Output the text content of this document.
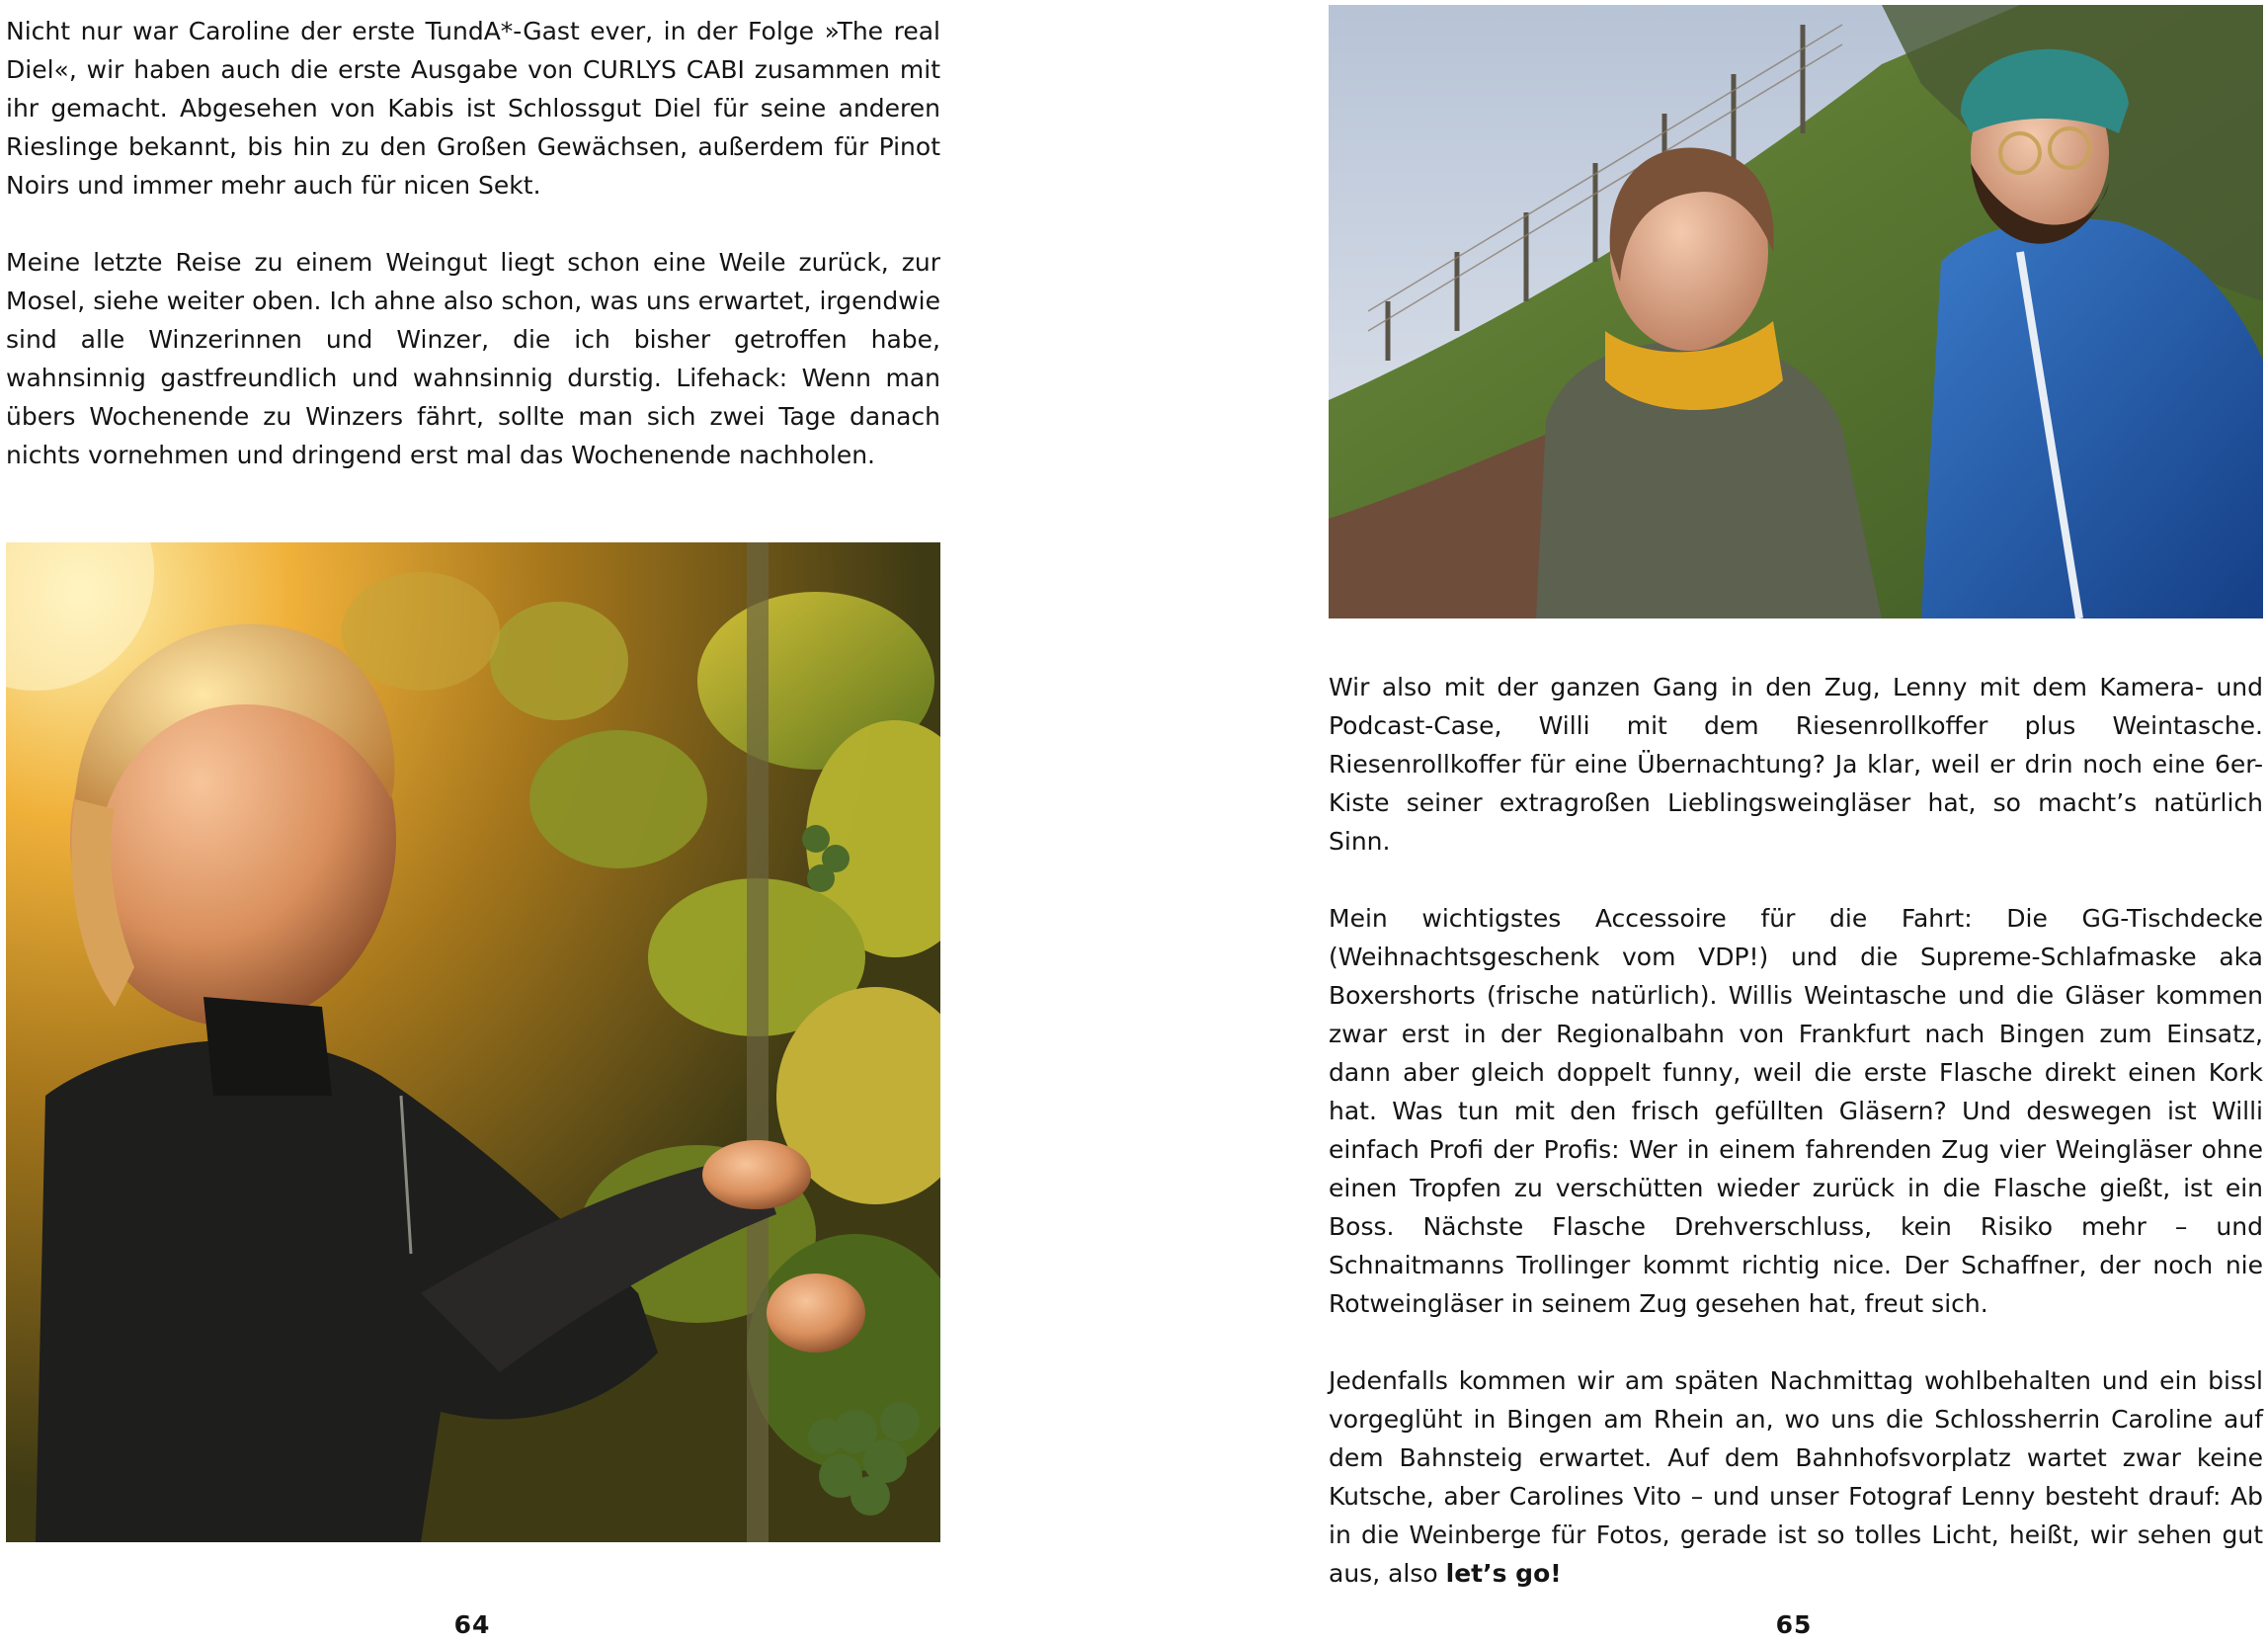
Nicht nur war Caroline der erste TundA*-Gast ever, in der Folge »The real Diel«, wir haben auch die erste Ausgabe von CURLYS CABI zusammen mit ihr gemacht. Abgesehen von Kabis ist Schlossgut Diel für seine anderen Rieslinge bekannt, bis hin zu den Großen Gewächsen, außerdem für Pinot Noirs und immer mehr auch für nicen Sekt.

Meine letzte Reise zu einem Weingut liegt schon eine Weile zurück, zur Mosel, siehe weiter oben. Ich ahne also schon, was uns erwartet, irgendwie sind alle Winzerinnen und Winzer, die ich bisher getroffen habe, wahnsinnig gastfreundlich und wahnsinnig durstig. Lifehack: Wenn man übers Wochenende zu Winzers fährt, sollte man sich zwei Tage danach nichts vornehmen und dringend erst mal das Wochenende nachholen.

64

Wir also mit der ganzen Gang in den Zug, Lenny mit dem Kamera- und Podcast-Case, Willi mit dem Riesenrollkoffer plus Weintasche. Riesenrollkoffer für eine Übernachtung? Ja klar, weil er drin noch eine 6er-Kiste seiner extragroßen Lieblingsweingläser hat, so macht’s natürlich Sinn.

Mein wichtigstes Accessoire für die Fahrt: Die GG-Tischdecke (Weihnachtsgeschenk vom VDP!) und die Supreme-Schlafmaske aka Boxershorts (frische natürlich). Willis Weintasche und die Gläser kommen zwar erst in der Regionalbahn von Frankfurt nach Bingen zum Einsatz, dann aber gleich doppelt funny, weil die erste Flasche direkt einen Kork hat. Was tun mit den frisch gefüllten Gläsern? Und deswegen ist Willi einfach Profi der Profis: Wer in einem fahrenden Zug vier Weingläser ohne einen Tropfen zu verschütten wieder zurück in die Flasche gießt, ist ein Boss. Nächste Flasche Drehverschluss, kein Risiko mehr – und Schnaitmanns Trollinger kommt richtig nice. Der Schaffner, der noch nie Rotweingläser in seinem Zug gesehen hat, freut sich.

Jedenfalls kommen wir am späten Nachmittag wohlbehalten und ein bissl vorgeglüht in Bingen am Rhein an, wo uns die Schlossherrin Caroline auf dem Bahnsteig erwartet. Auf dem Bahnhofsvorplatz wartet zwar keine Kutsche, aber Carolines Vito – und unser Fotograf Lenny besteht drauf: Ab in die Weinberge für Fotos, gerade ist so tolles Licht, heißt, wir sehen gut aus, also let’s go!

65
